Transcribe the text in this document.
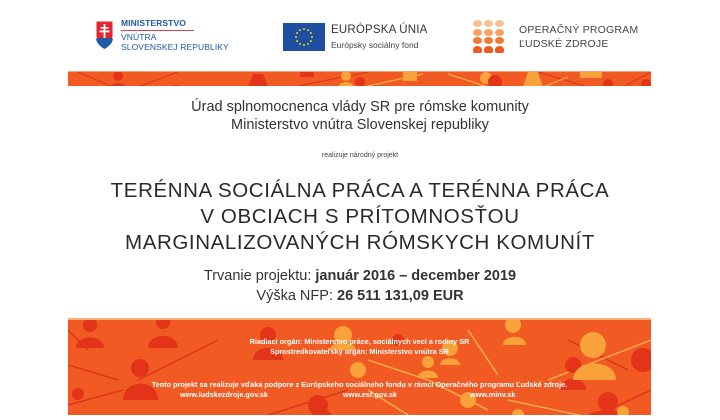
MINISTERSTVO
VNÚTRA
SLOVENSKEJ REPUBLIKY
EURÓPSKA ÚNIA
Európsky sociálny fond
OPERAČNÝ PROGRAM
ĽUDSKÉ ZDROJE
Úrad splnomocnenca vlády SR pre rómske komunity
Ministerstvo vnútra Slovenskej republiky
realizuje národný projekt
TERÉNNA SOCIÁLNA PRÁCA A TERÉNNA PRÁCA
V OBCIACH S PRÍTOMNOSŤOU
MARGINALIZOVANÝCH RÓMSKYCH KOMUNÍT
Trvanie projektu: január 2016 – december 2019
Výška NFP: 26 511 131,09 EUR
Riadiaci orgán: Ministerstvo práce, sociálnych vecí a rodiny SR
Sprostredkovateľský orgán: Ministerstvo vnútra SR
Tento projekt sa realizuje vďaka podpore z Európskeho sociálneho fondu v rámci Operačného programu Ľudské zdroje.
www.ludskezdroje.gov.sk	www.esf.gov.sk	www.minv.sk
